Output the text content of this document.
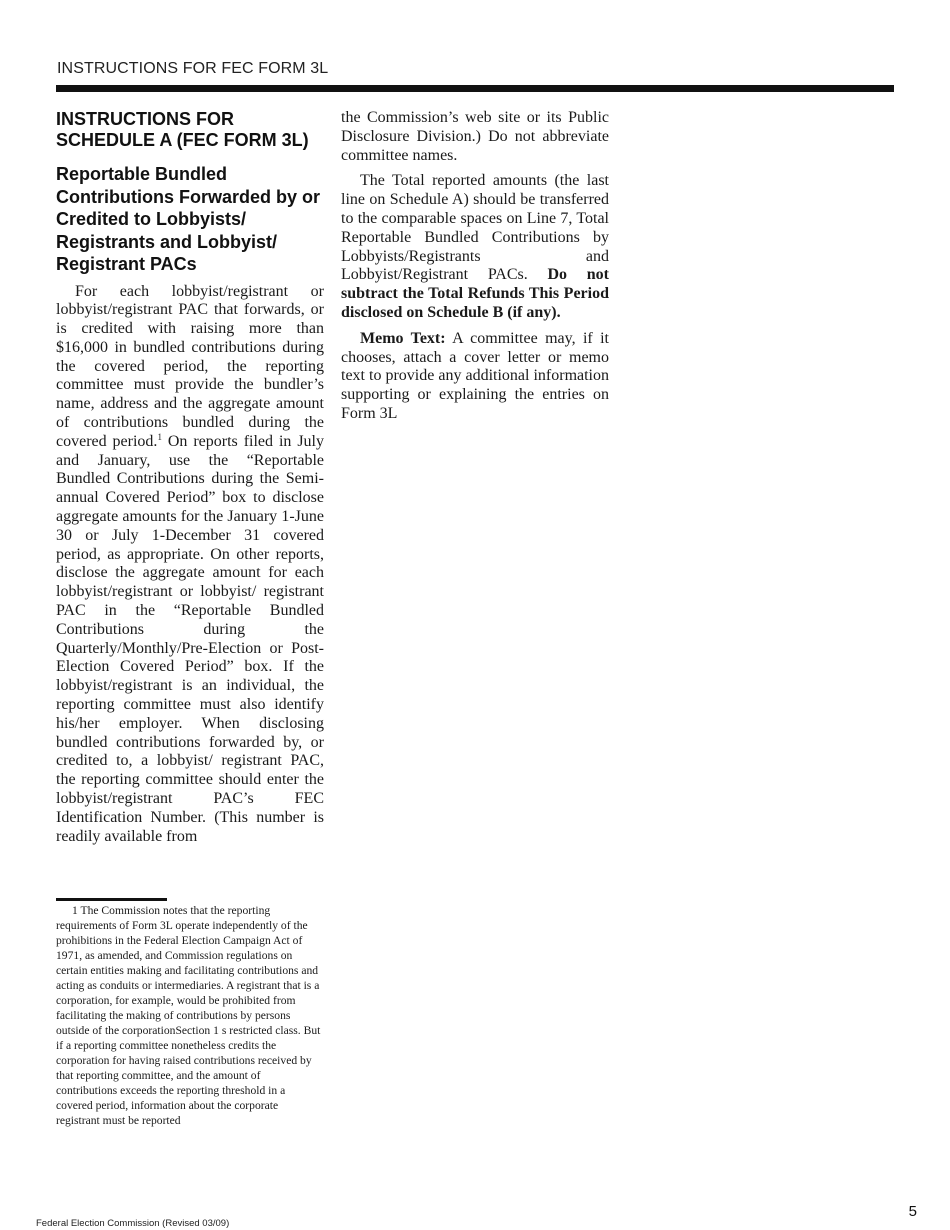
INSTRUCTIONS FOR FEC FORM 3L
INSTRUCTIONS FOR SCHEDULE A (FEC FORM 3L)
Reportable Bundled Contributions Forwarded by or Credited to Lobbyists/ Registrants and Lobbyist/ Registrant PACs

For each lobbyist/registrant or lobbyist/registrant PAC that forwards, or is credited with raising more than $16,000 in bundled contributions during the covered period, the reporting committee must provide the bundler’s name, address and the aggregate amount of contributions bundled during the covered period.$^1$ On reports filed in July and January, use the “Reportable Bundled Contributions during the Semi-annual Covered Period” box to disclose aggregate amounts for the January 1-June 30 or July 1-December 31 covered period, as appropriate. On other reports, disclose the aggregate amount for each lobbyist/registrant or lobbyist/ registrant PAC in the “Reportable Bundled Contributions during the Quarterly/Monthly/Pre-Election or Post-Election Covered Period” box. If the lobbyist/registrant is an individual, the reporting committee must also identify his/her employer. When disclosing bundled contributions forwarded by, or credited to, a lobbyist/ registrant PAC, the reporting committee should enter the lobbyist/registrant PAC’s FEC Identification Number. (This number is readily available from

the Commission’s web site or its Public Disclosure Division.) Do not abbreviate committee names.

The Total reported amounts (the last line on Schedule A) should be transferred to the comparable spaces on Line 7, Total Reportable Bundled Contributions by Lobbyists/Registrants and Lobbyist/Registrant PACs. Do not subtract the Total Refunds This Period disclosed on Schedule B (if any).

Memo Text: A committee may, if it chooses, attach a cover letter or memo text to provide any additional information supporting or explaining the entries on Form 3L

1 The Commission notes that the reporting requirements of Form 3L operate independently of the prohibitions in the Federal Election Campaign Act of 1971, as amended, and Commission regulations on certain entities making and facilitating contributions and acting as conduits or intermediaries. A registrant that is a corporation, for example, would be prohibited from facilitating the making of contributions by persons outside of the corporationSection 1 s restricted class. But if a reporting committee nonetheless credits the corporation for having raised contributions received by that reporting committee, and the amount of contributions exceeds the reporting threshold in a covered period, information about the corporate registrant must be reported
Federal Election Commission (Revised 03/09)
5
